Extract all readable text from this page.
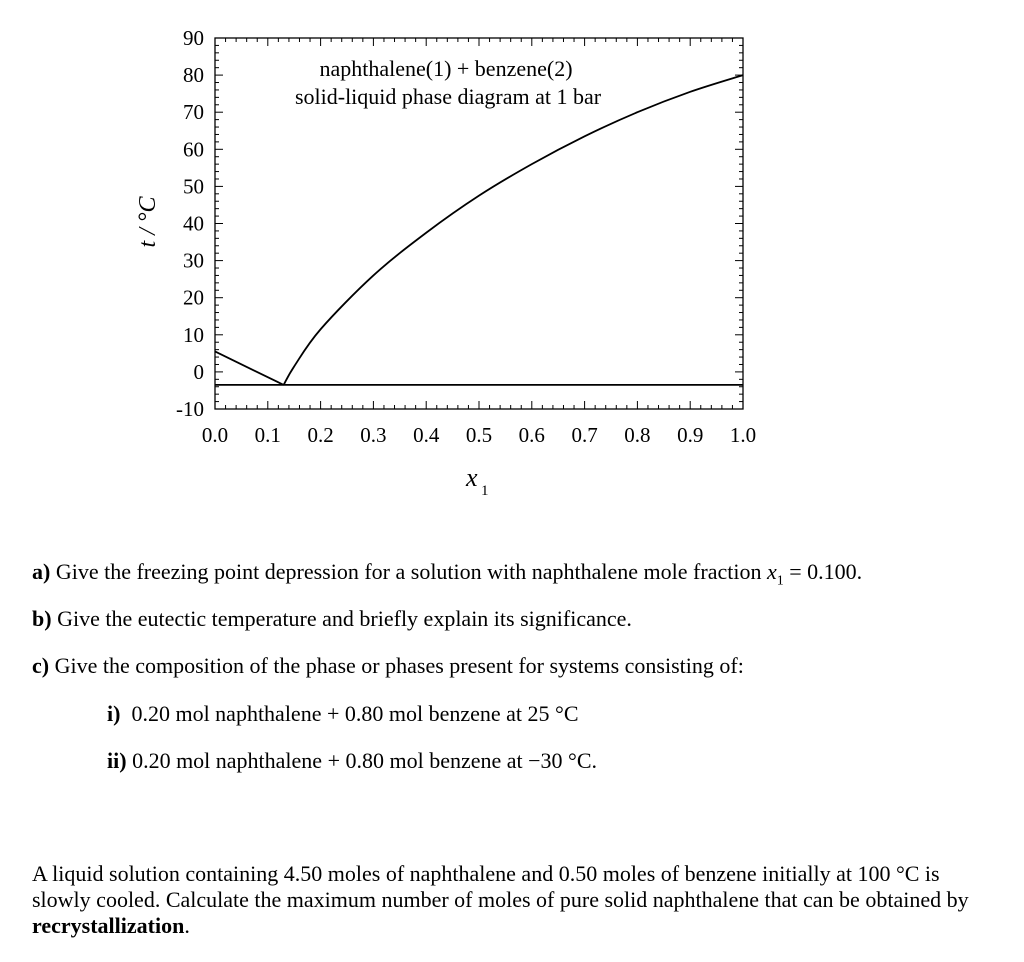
0.0 0.1 0.2 0.3 0.4 0.5 0.6 0.7 0.8 0.9 1.0
90
80
70
60
50
40
30
20
10
0
-10
naphthalene(1) + benzene(2)
solid-liquid phase diagram at 1 bar
x 1
t / °C
a) Give the freezing point depression for a solution with naphthalene mole fraction $x_1 = 0.100$.
b) Give the eutectic temperature and briefly explain its significance.
c) Give the composition of the phase or phases present for systems consisting of:
i)  0.20 mol naphthalene + 0.80 mol benzene at 25 °C
ii) 0.20 mol naphthalene + 0.80 mol benzene at −30 °C.
A liquid solution containing 4.50 moles of naphthalene and 0.50 moles of benzene initially at 100 °C is slowly cooled. Calculate the maximum number of moles of pure solid naphthalene that can be obtained by recrystallization.
